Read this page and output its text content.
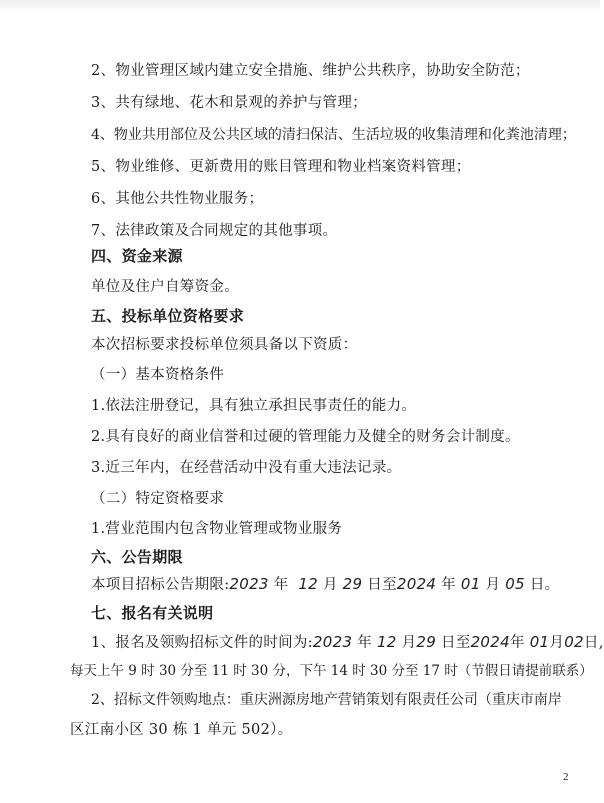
2、物业管理区域内建立安全措施、维护公共秩序，协助安全防范；
3、共有绿地、花木和景观的养护与管理；
4、物业共用部位及公共区域的清扫保洁、生活垃圾的收集清理和化粪池清理；
5、物业维修、更新费用的账目管理和物业档案资料管理；
6、其他公共性物业服务；
7、法律政策及合同规定的其他事项。
四、资金来源
单位及住户自筹资金。
五、投标单位资格要求
本次招标要求投标单位须具备以下资质：
（一）基本资格条件
1.依法注册登记，具有独立承担民事责任的能力。
2.具有良好的商业信誉和过硬的管理能力及健全的财务会计制度。
3.近三年内，在经营活动中没有重大违法记录。
（二）特定资格要求
1.营业范围内包含物业管理或物业服务
六、公告期限
本项目招标公告期限:2023 年 12 月 29 日至2024 年 01 月 05 日。
七、报名有关说明
1、报名及领购招标文件的时间为:2023 年 12 月29 日至2024年 01月02日,
每天上午 9 时 30 分至 11 时 30 分，下午 14 时 30 分至 17 时（节假日请提前联系）
2、招标文件领购地点：重庆洲源房地产营销策划有限责任公司（重庆市南岸
区江南小区 30 栋 1 单元 502）。
2
